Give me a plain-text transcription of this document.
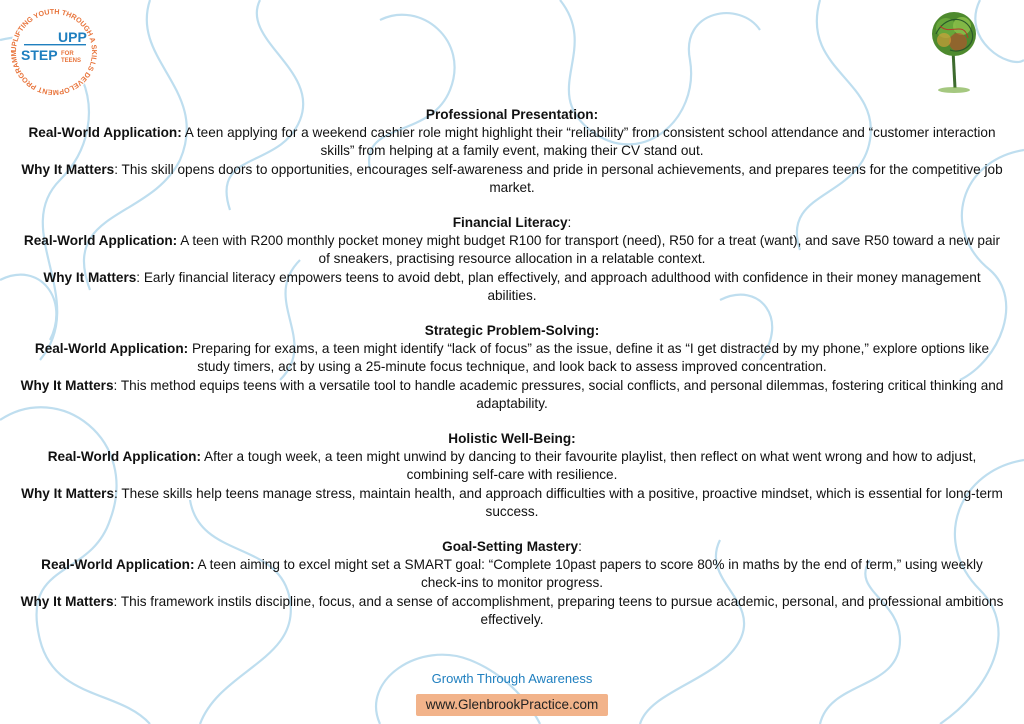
UPLIFTING YOUTH THROUGH A SKILLS DEVELOPMENT PROGRAMM
UPP
STEP FOR
TEENS

Professional Presentation:

Real-World Application: A teen applying for a weekend cashier role might highlight their “reliability” from consistent school attendance and “customer interaction skills” from helping at a family event, making their CV stand out.

Why It Matters: This skill opens doors to opportunities, encourages self-awareness and pride in personal achievements, and prepares teens for the competitive job market.

Financial Literacy:

Real-World Application: A teen with R200 monthly pocket money might budget R100 for transport (need), R50 for a treat (want), and save R50 toward a new pair of sneakers, practising resource allocation in a relatable context.

Why It Matters: Early financial literacy empowers teens to avoid debt, plan effectively, and approach adulthood with confidence in their money management abilities.

Strategic Problem-Solving:

Real-World Application: Preparing for exams, a teen might identify “lack of focus” as the issue, define it as “I get distracted by my phone,” explore options like study timers, act by using a 25-minute focus technique, and look back to assess improved concentration.

Why It Matters: This method equips teens with a versatile tool to handle academic pressures, social conflicts, and personal dilemmas, fostering critical thinking and adaptability.

Holistic Well-Being:

Real-World Application: After a tough week, a teen might unwind by dancing to their favourite playlist, then reflect on what went wrong and how to adjust, combining self-care with resilience.

Why It Matters: These skills help teens manage stress, maintain health, and approach difficulties with a positive, proactive mindset, which is essential for long-term success.

Goal-Setting Mastery:

Real-World Application: A teen aiming to excel might set a SMART goal: “Complete 10past papers to score 80% in maths by the end of term,” using weekly check-ins to monitor progress.

Why It Matters: This framework instils discipline, focus, and a sense of accomplishment, preparing teens to pursue academic, personal, and professional ambitions effectively.

Growth Through Awareness
www.GlenbrookPractice.com
